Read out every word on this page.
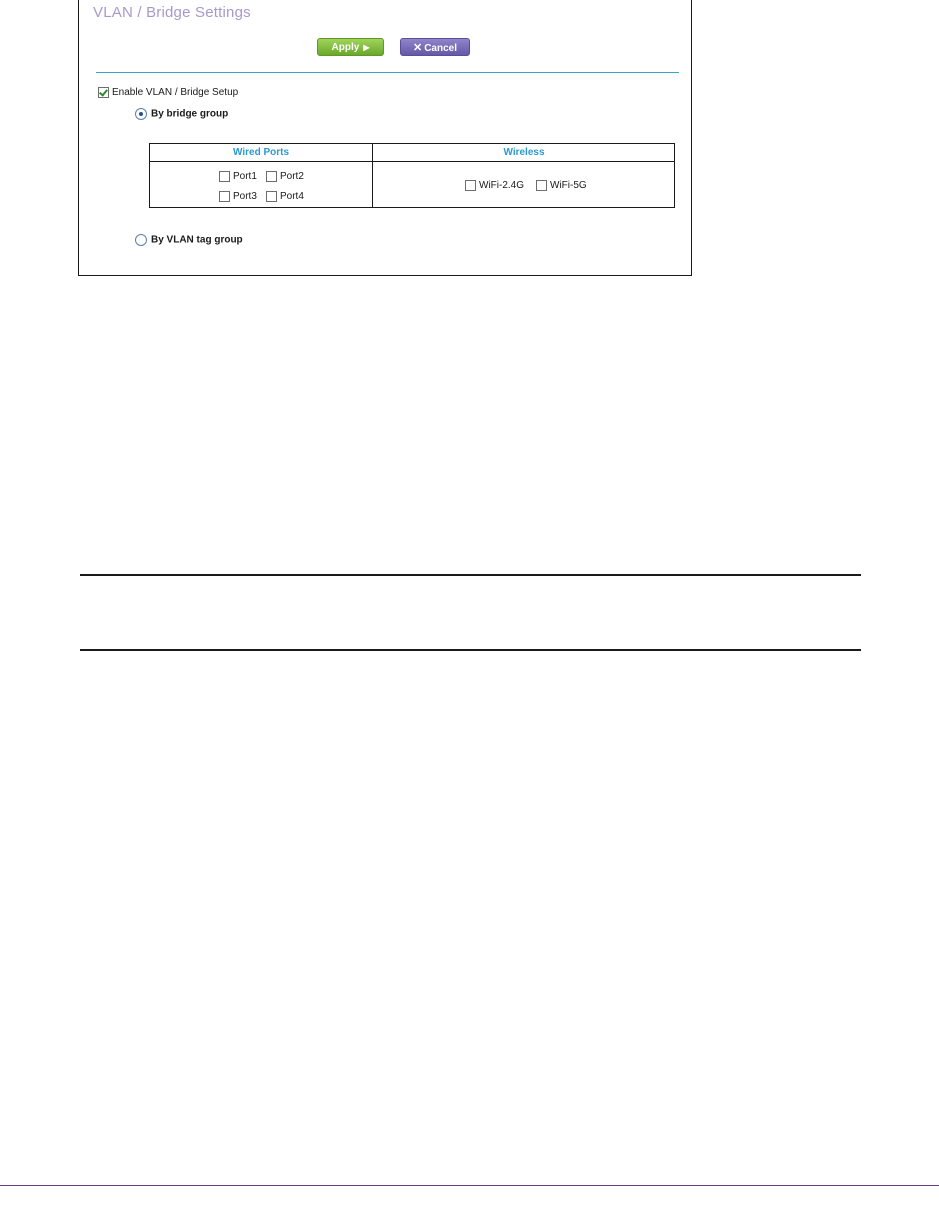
VLAN / Bridge Settings
Apply ▶	✕ Cancel
Enable VLAN / Bridge Setup
By bridge group
Wired Ports	Wireless
Port1	Port2
Port3	Port4
WiFi-2.4G	WiFi-5G
By VLAN tag group
